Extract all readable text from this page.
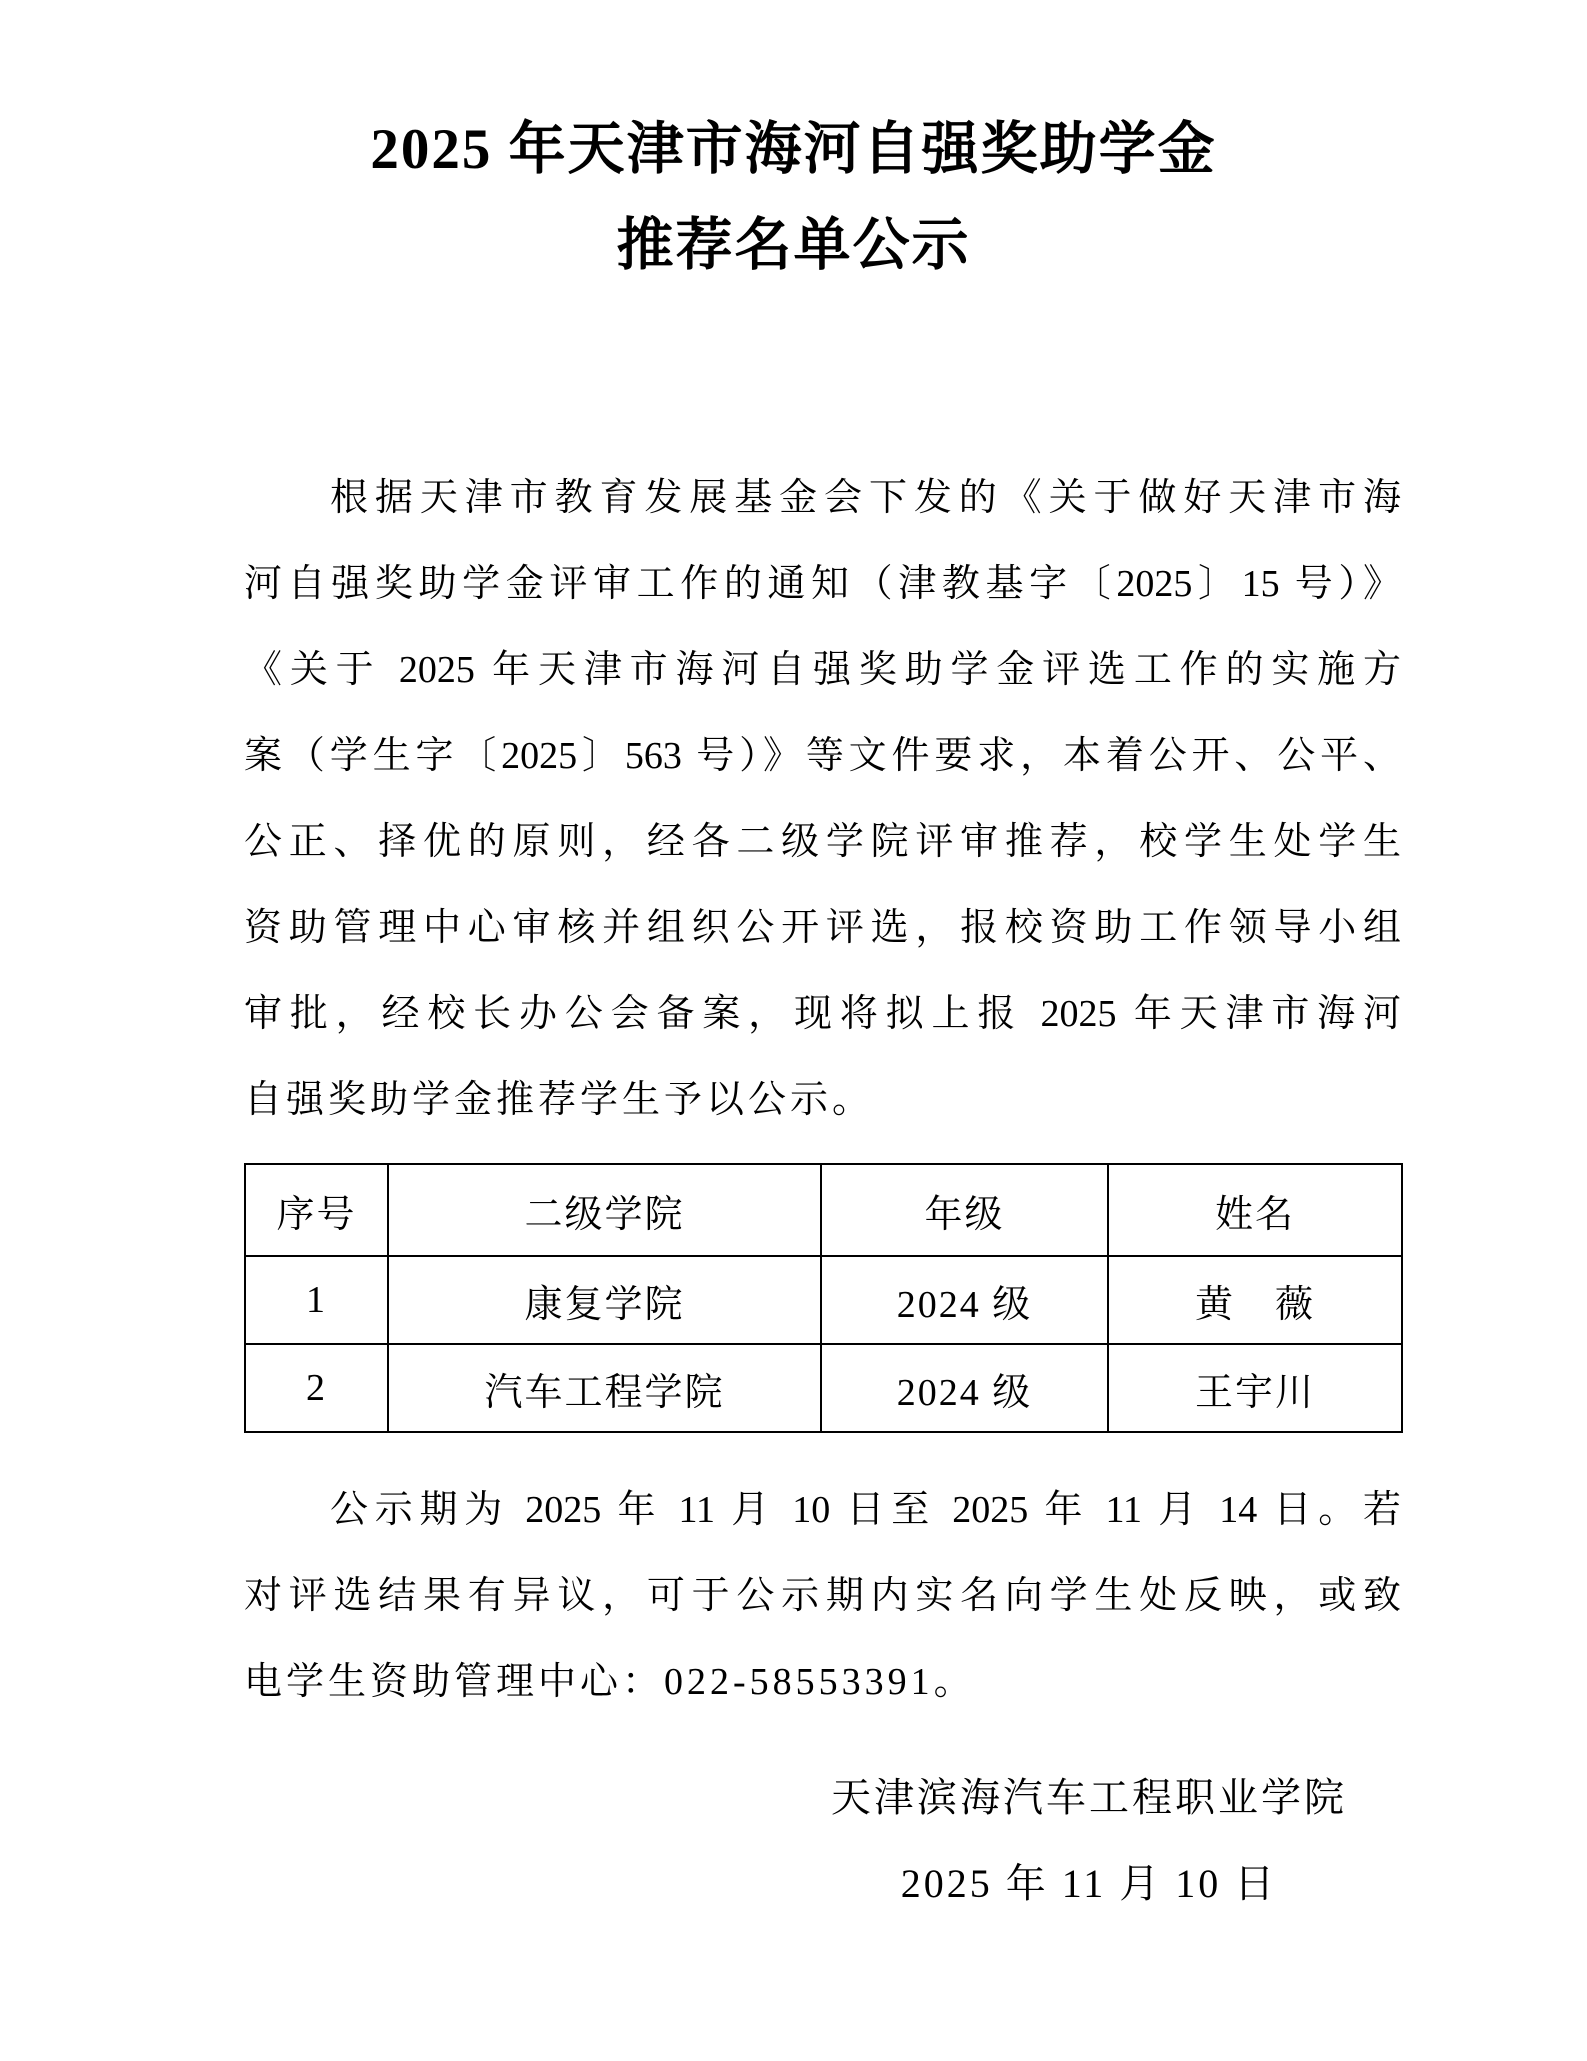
2025 年天津市海河自强奖助学金
推荐名单公示
根据天津市教育发展基金会下发的《关于做好天津市海
河自强奖助学金评审工作的通知（津教基字〔2025〕15 号）》
《关于 2025 年天津市海河自强奖助学金评选工作的实施方
案（学生字〔2025〕563 号）》等文件要求，本着公开、公平、
公正、择优的原则，经各二级学院评审推荐，校学生处学生
资助管理中心审核并组织公开评选，报校资助工作领导小组
审批，经校长办公会备案，现将拟上报 2025 年天津市海河
自强奖助学金推荐学生予以公示。
序号	二级学院	年级	姓名
1	康复学院	2024 级	黄　薇
2	汽车工程学院	2024 级	王宇川
公示期为 2025 年 11 月 10 日至 2025 年 11 月 14 日。若
对评选结果有异议，可于公示期内实名向学生处反映，或致
电学生资助管理中心：022-58553391。
天津滨海汽车工程职业学院
2025 年 11 月 10 日
